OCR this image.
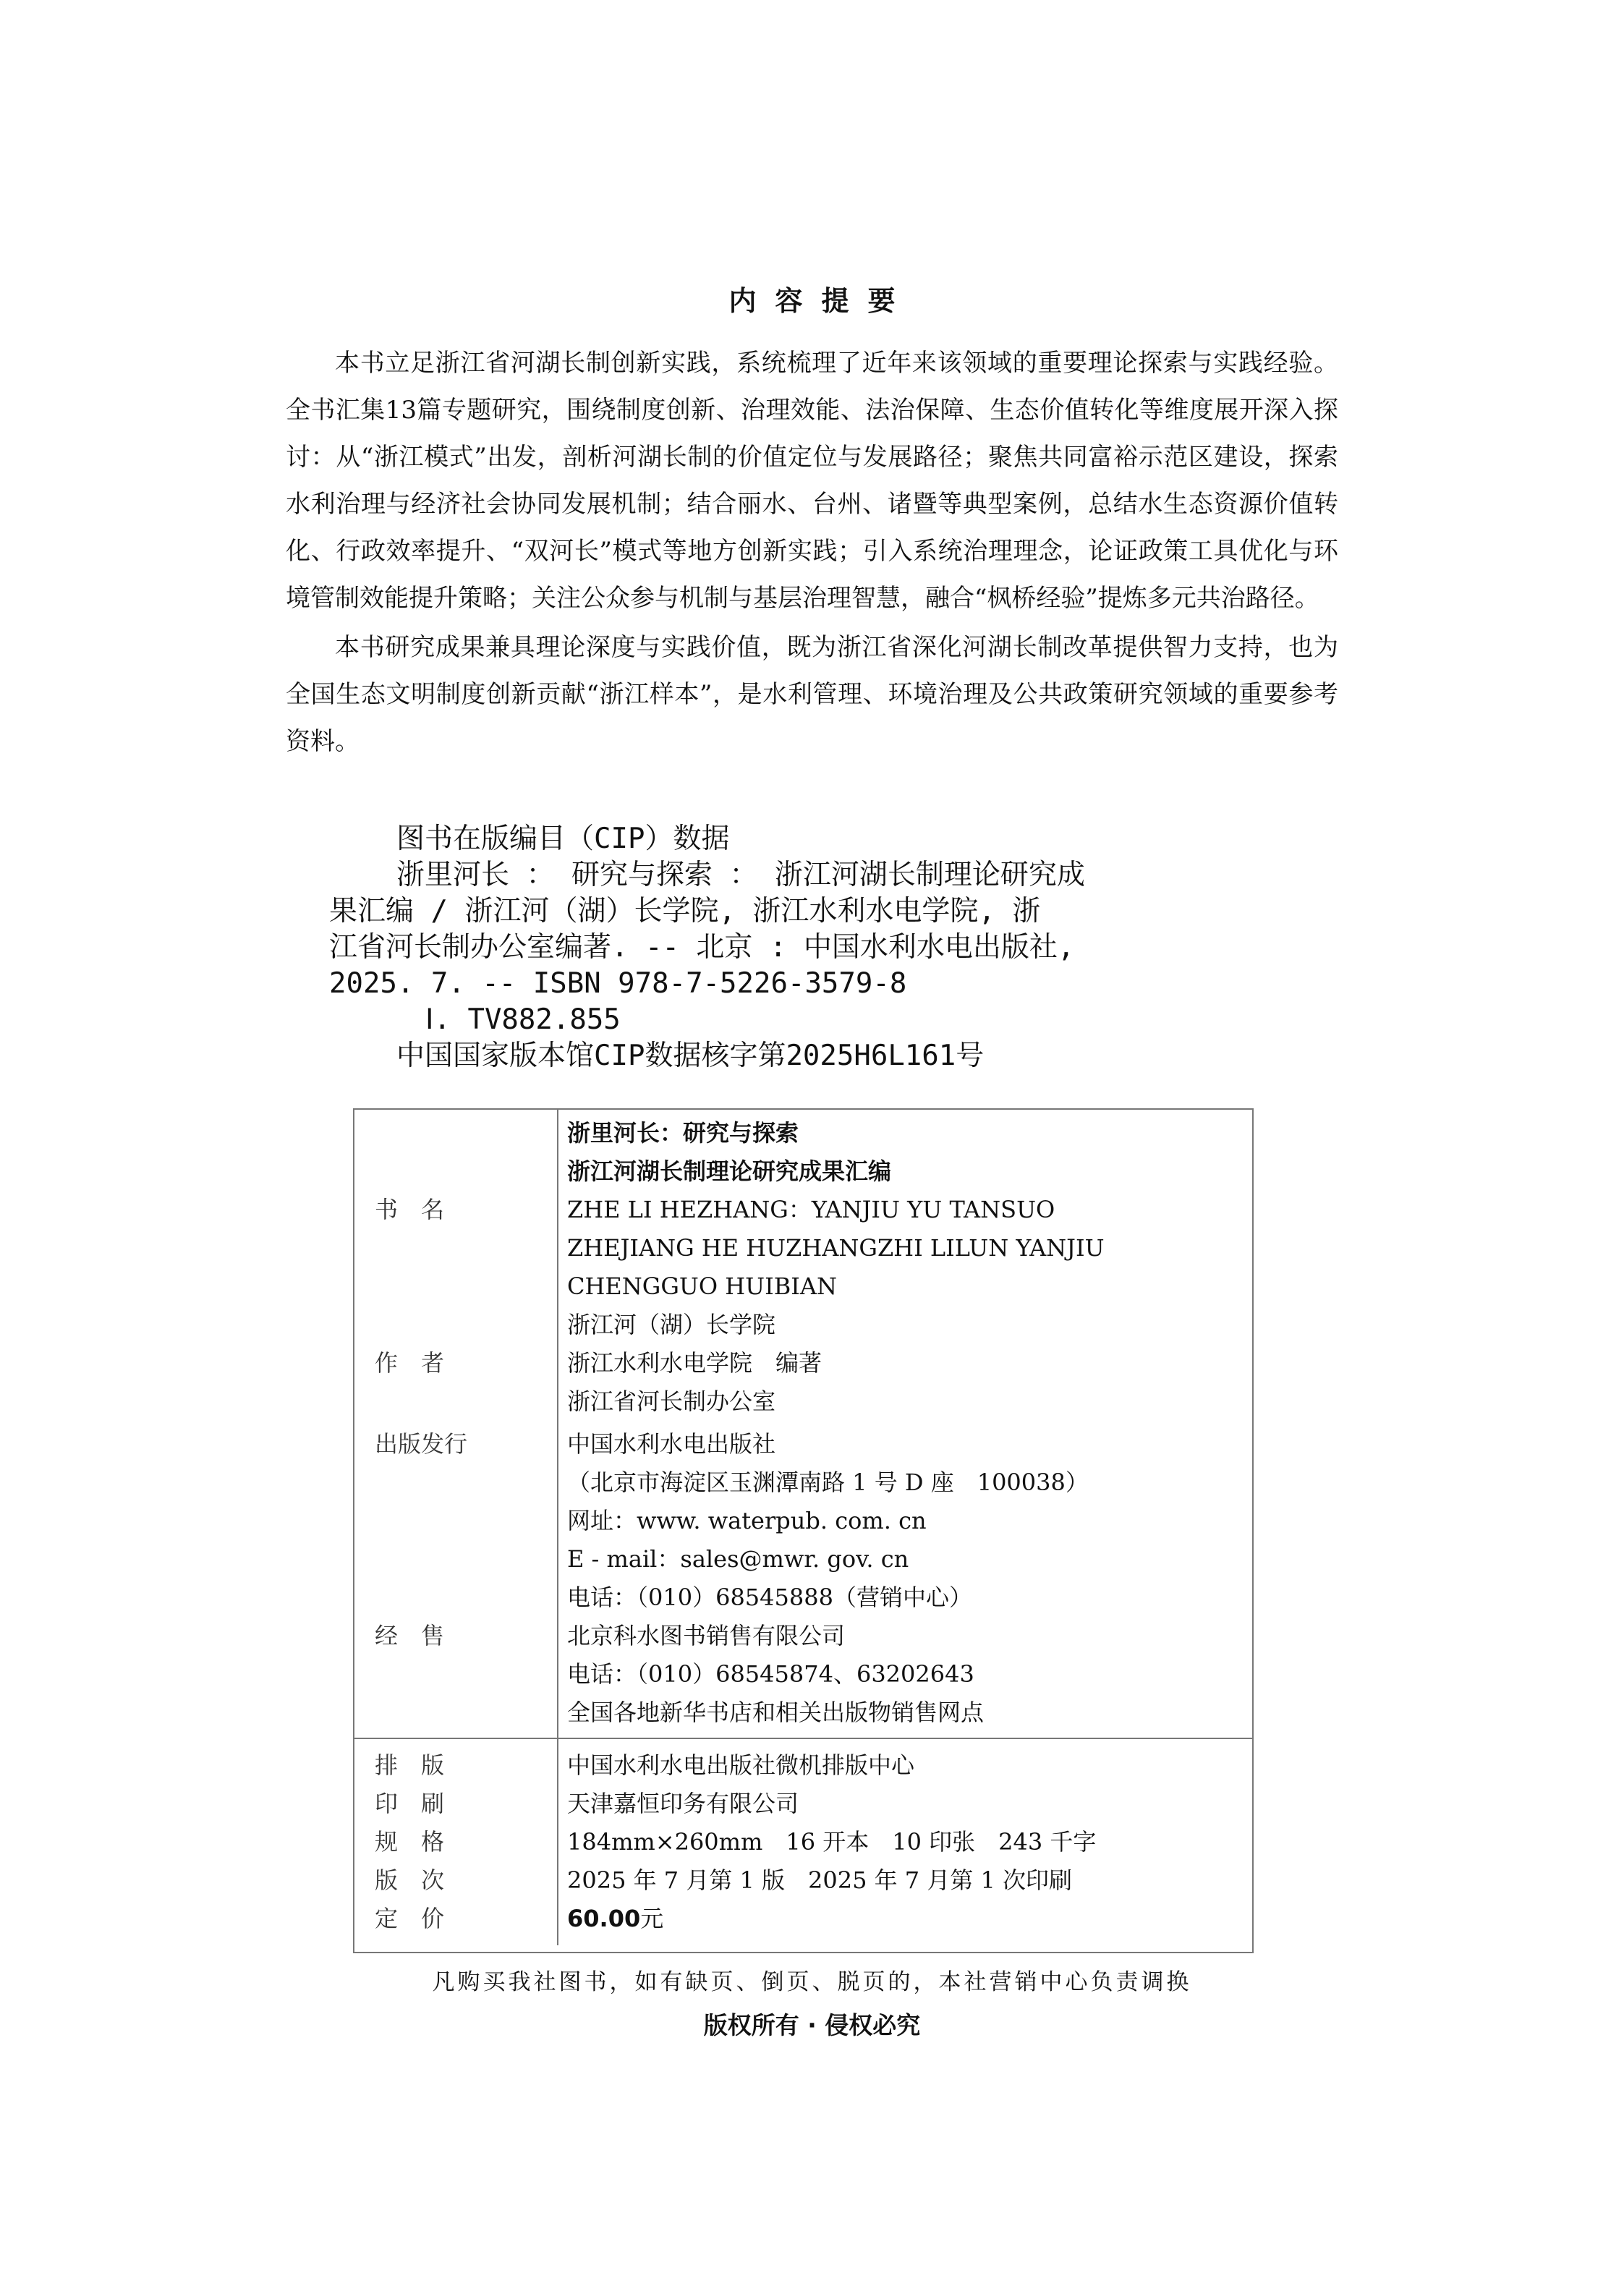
内容提要

本书立足浙江省河湖长制创新实践，系统梳理了近年来该领域的重要理论探索与实践经验。全书汇集13篇专题研究，围绕制度创新、治理效能、法治保障、生态价值转化等维度展开深入探讨：从“浙江模式”出发，剖析河湖长制的价值定位与发展路径；聚焦共同富裕示范区建设，探索水利治理与经济社会协同发展机制；结合丽水、台州、诸暨等典型案例，总结水生态资源价值转化、行政效率提升、“双河长”模式等地方创新实践；引入系统治理理念，论证政策工具优化与环境管制效能提升策略；关注公众参与机制与基层治理智慧，融合“枫桥经验”提炼多元共治路径。

本书研究成果兼具理论深度与实践价值，既为浙江省深化河湖长制改革提供智力支持，也为全国生态文明制度创新贡献“浙江样本”，是水利管理、环境治理及公共政策研究领域的重要参考资料。

图书在版编目（CIP）数据
浙里河长 ： 研究与探索 ： 浙江河湖长制理论研究成
果汇编 / 浙江河（湖）长学院, 浙江水利水电学院, 浙
江省河长制办公室编著. -- 北京 : 中国水利水电出版社,
2025. 7. -- ISBN 978-7-5226-3579-8
Ⅰ. TV882.855
中国国家版本馆CIP数据核字第2025H6L161号
书　名	浙里河长：研究与探索
浙江河湖长制理论研究成果汇编
ZHE LI HEZHANG：YANJIU YU TANSUO
ZHEJIANG HE HUZHANGZHI LILUN YANJIU
CHENGGUO HUIBIAN

作　者	浙江河（湖）长学院
浙江水利水电学院　编著
浙江省河长制办公室

出版发行	中国水利水电出版社
（北京市海淀区玉渊潭南路 1 号 D 座　100038）
网址：www. waterpub. com. cn
E - mail：sales@mwr. gov. cn
电话：（010）68545888（营销中心）

经　售	北京科水图书销售有限公司
电话：（010）68545874、63202643
全国各地新华书店和相关出版物销售网点

排　版	中国水利水电出版社微机排版中心

印　刷	天津嘉恒印务有限公司

规　格	184mm×260mm　16 开本　10 印张　243 千字

版　次	2025 年 7 月第 1 版　2025 年 7 月第 1 次印刷

定　价	60.00元
凡购买我社图书，如有缺页、倒页、脱页的，本社营销中心负责调换
版权所有 · 侵权必究
